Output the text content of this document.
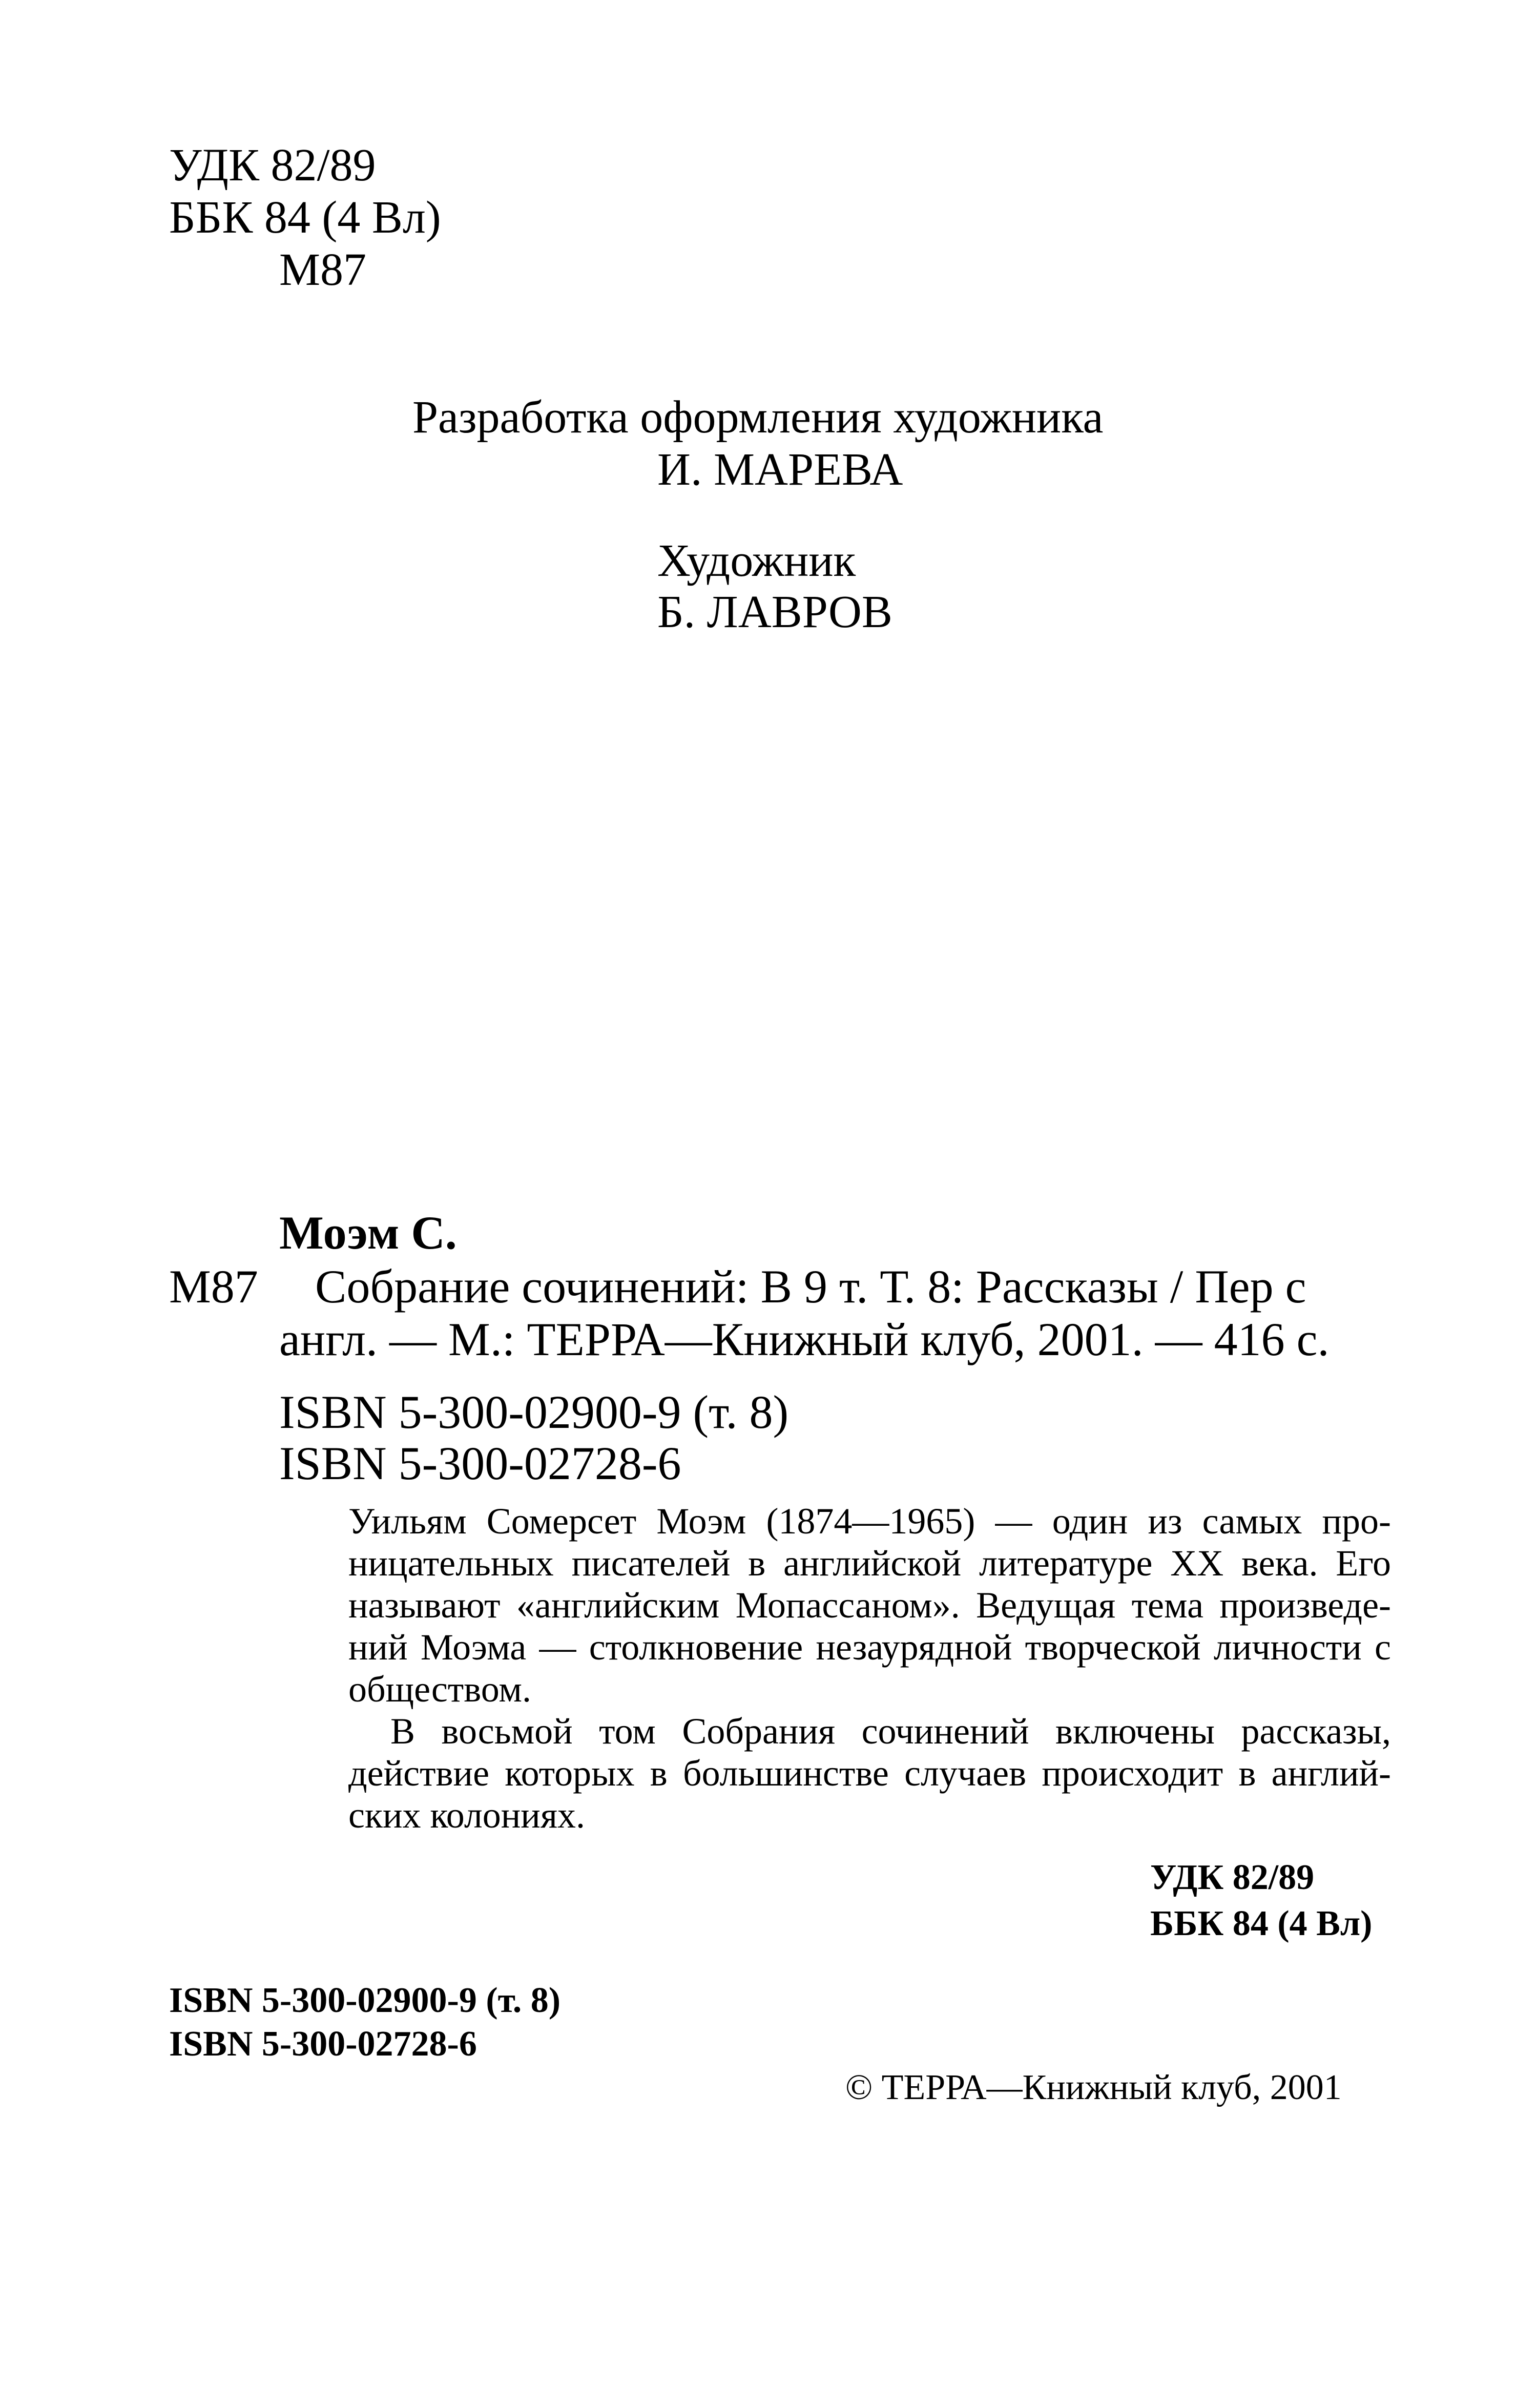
УДК 82/89
ББК 84 (4 Вл)
М87
Разработка оформления художника
И. МАРЕВА
Художник
Б. ЛАВРОВ
Моэм С.
М87 Собрание сочинений: В 9 т. Т. 8: Рассказы / Пер с
англ. — М.: ТЕРРА—Книжный клуб, 2001. — 416 с.
ISBN 5-300-02900-9 (т. 8)
ISBN 5-300-02728-6
Уильям Сомерсет Моэм (1874—1965) — один из самых про-
ницательных писателей в английской литературе XX века. Его
называют «английским Мопассаном». Ведущая тема произведе-
ний Моэма — столкновение незаурядной творческой личности с
обществом.
В восьмой том Собрания сочинений включены рассказы,
действие которых в большинстве случаев происходит в англий-
ских колониях.
УДК 82/89
ББК 84 (4 Вл)
ISBN 5-300-02900-9 (т. 8)
ISBN 5-300-02728-6
© ТЕРРА—Книжный клуб, 2001
